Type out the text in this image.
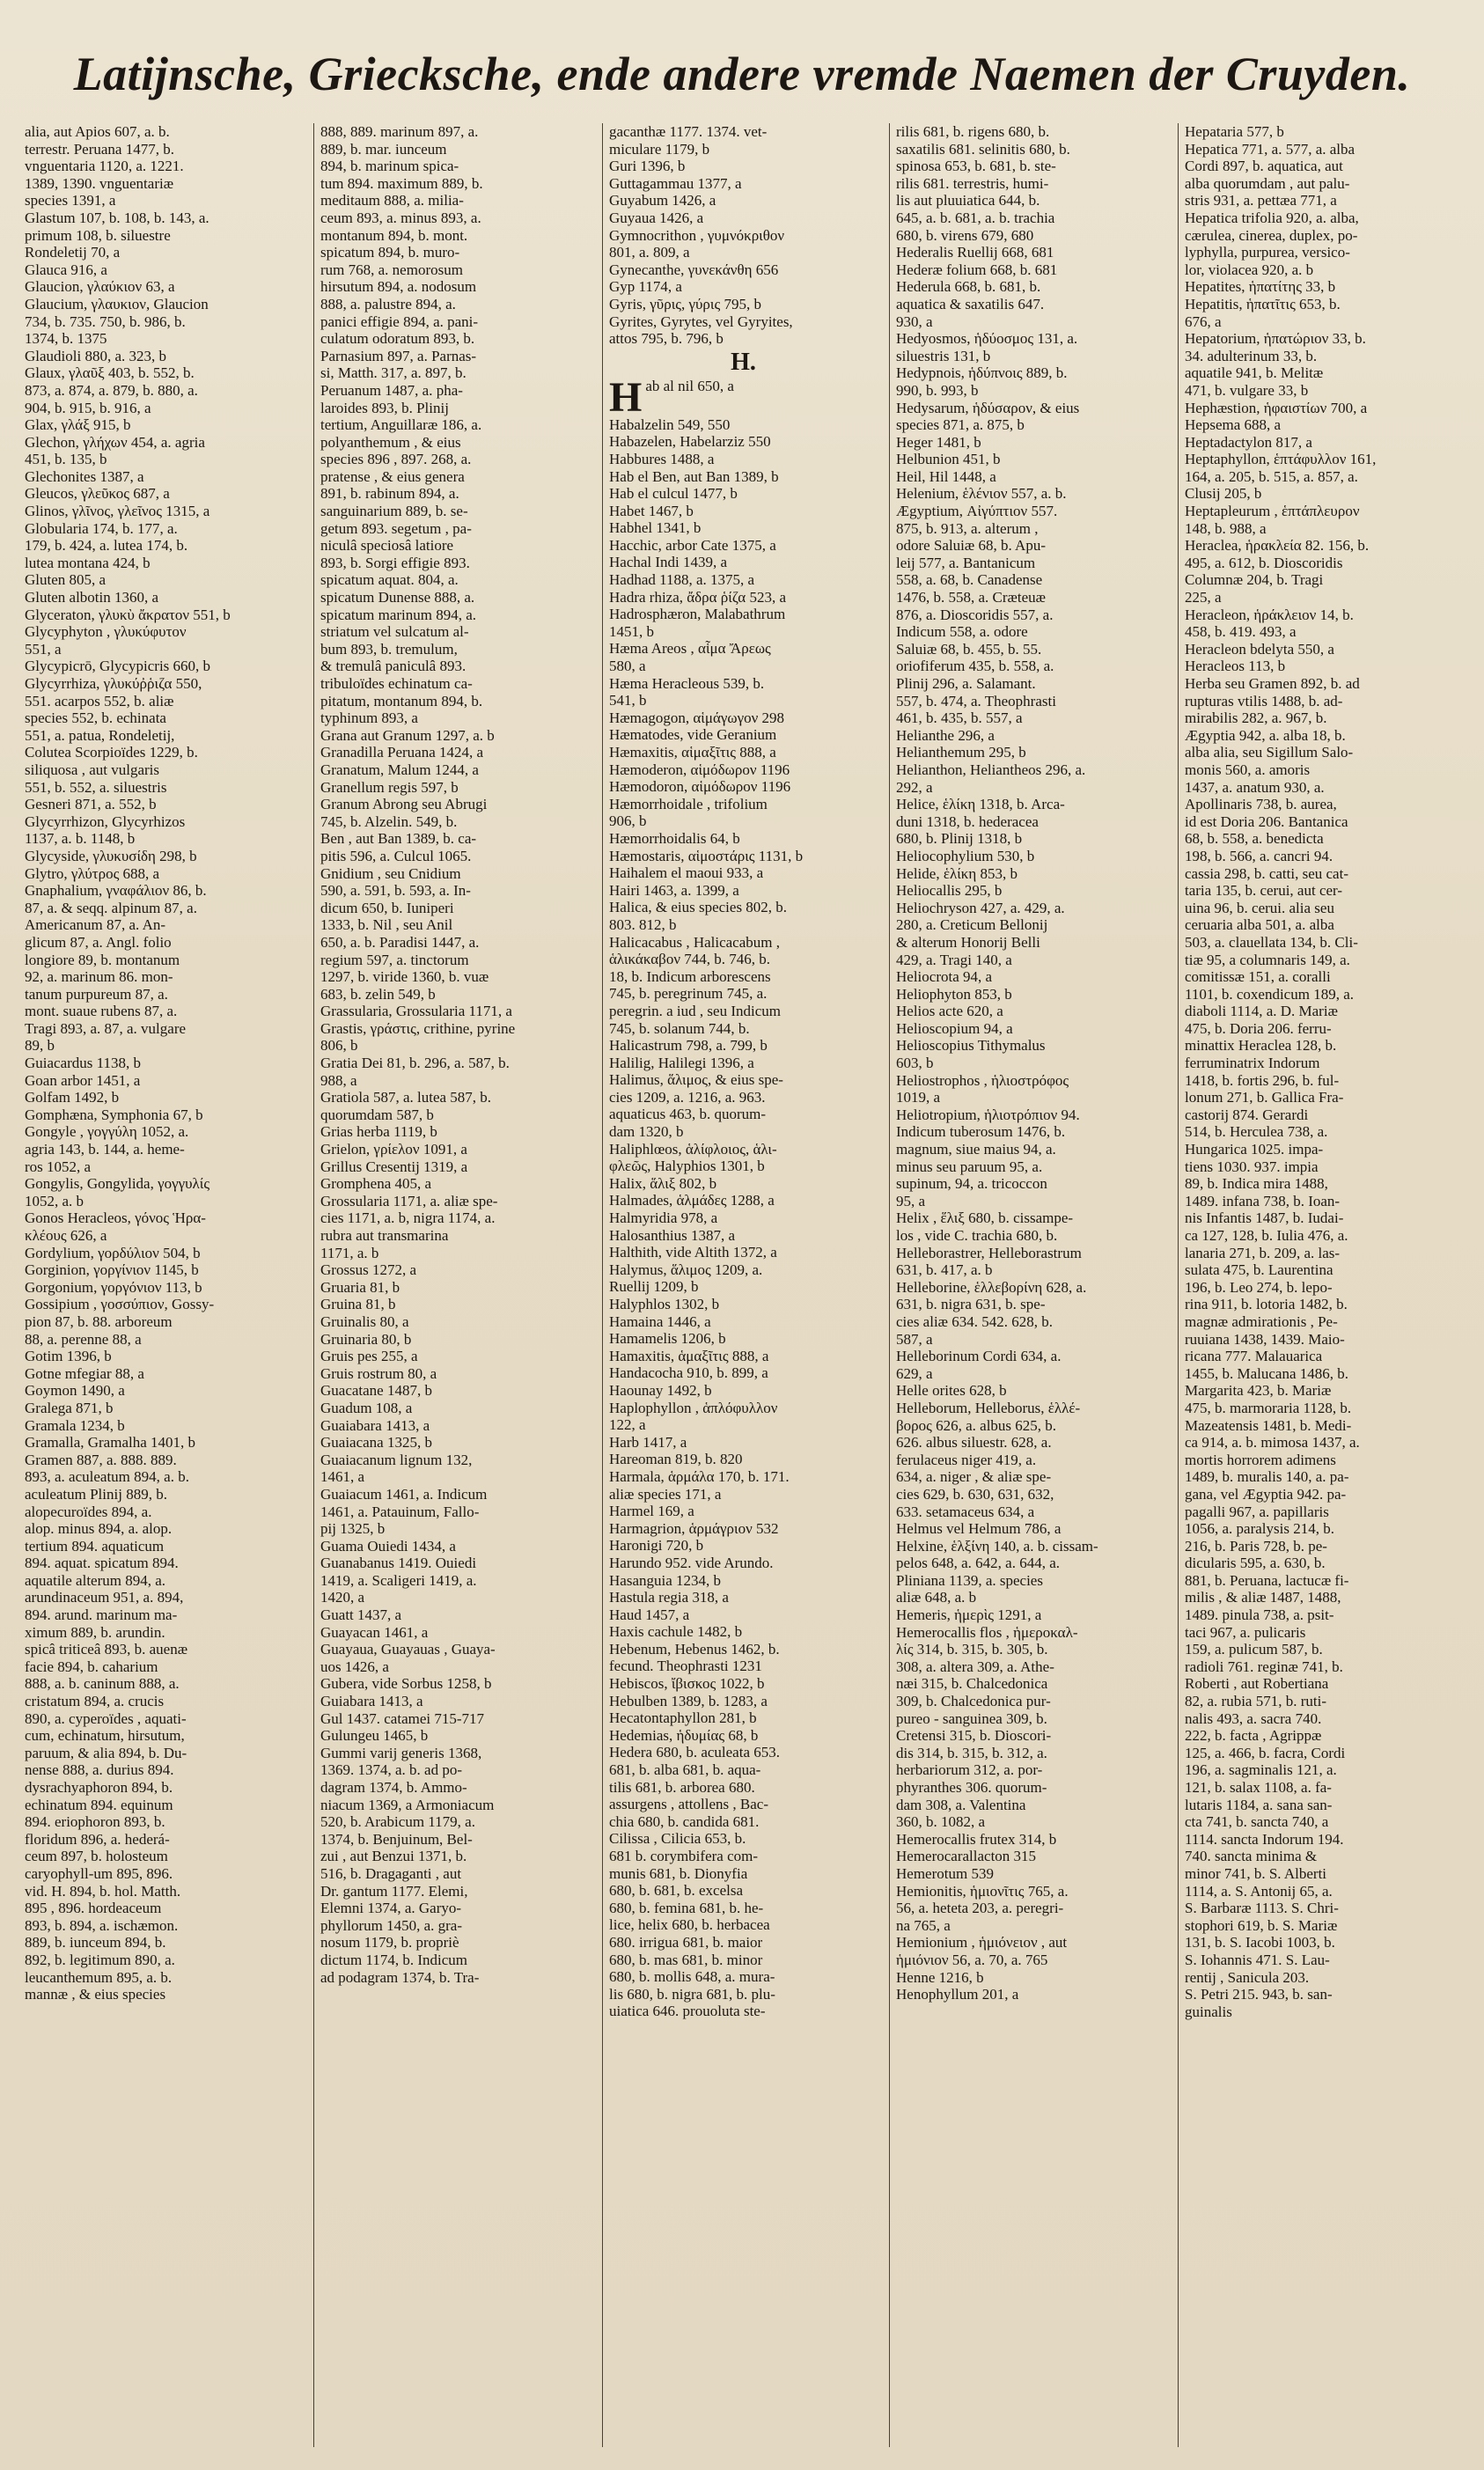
Latijnsche, Griecksche, ende andere vremde Naemen der Cruyden.
alia, aut Apios 607, a. b.
terrestr. Peruana 1477, b.
vnguentaria 1120, a. 1221.
1389, 1390. vnguentariæ
species 1391, a
Glastum 107, b. 108, b. 143, a.
primum 108, b. siluestre
Rondeletij 70, a
Glauca 916, a
Glaucion, γλαύκιον 63, a
Glaucium, γλαυκιον, Glaucion
734, b. 735. 750, b. 986, b.
1374, b. 1375
Glaudioli 880, a. 323, b
Glaux, γλαῦξ 403, b. 552, b.
873, a. 874, a. 879, b. 880, a.
904, b. 915, b. 916, a
Glax, γλάξ 915, b
Glechon, γλήχων 454, a. agria
451, b. 135, b
Glechonites 1387, a
Gleucos, γλεῦκος 687, a
Glinos, γλῖνος, γλεῖνος 1315, a
Globularia 174, b. 177, a.
179, b. 424, a. lutea 174, b.
lutea montana 424, b
Gluten 805, a
Gluten albotin 1360, a
Glyceraton, γλυκὺ ἄκρατον 551, b
Glycyphyton , γλυκύφυτον
551, a
Glycypicrō, Glycypicris 660, b
Glycyrrhiza, γλυκύῤῥιζα 550,
551. acarpos 552, b. aliæ
species 552, b. echinata
551, a. patua, Rondeletij,
Colutea Scorpioïdes 1229, b.
siliquosa , aut vulgaris
551, b. 552, a. siluestris
Gesneri 871, a. 552, b
Glycyrrhizon, Glycyrhizos
1137, a. b. 1148, b
Glycyside, γλυκυσίδη 298, b
Glytro, γλύτρος 688, a
Gnaphalium, γναφάλιον 86, b.
87, a. & seqq. alpinum 87, a.
Americanum 87, a. An-
glicum 87, a. Angl. folio
longiore 89, b. montanum
92, a. marinum 86. mon-
tanum purpureum 87, a.
mont. suaue rubens 87, a.
Tragi 893, a. 87, a. vulgare
89, b
Guiacardus 1138, b
Goan arbor 1451, a
Golfam 1492, b
Gomphæna, Symphonia 67, b
Gongyle , γογγύλη 1052, a.
agria 143, b. 144, a. heme-
ros 1052, a
Gongylis, Gongylida, γογγυλίς
1052, a. b
Gonos Heracleos, γόνος Ἡρα-
κλέους 626, a
Gordylium, γορδύλιον 504, b
Gorginion, γοργίνιον 1145, b
Gorgonium, γοργόνιον 113, b
Gossipium , γοσσύπιον, Gossy-
pion 87, b. 88. arboreum
88, a. perenne 88, a
Gotim 1396, b
Gotne mfegiar 88, a
Goymon 1490, a
Gralega 871, b
Gramala 1234, b
Gramalla, Gramalha 1401, b
Gramen 887, a. 888. 889.
893, a. aculeatum 894, a. b.
aculeatum Plinij 889, b.
alopecuroïdes 894, a.
alop. minus 894, a. alop.
tertium 894. aquaticum
894. aquat. spicatum 894.
aquatile alterum 894, a.
arundinaceum 951, a. 894,
894. arund. marinum ma-
ximum 889, b. arundin.
spicâ triticeâ 893, b. auenæ
facie 894, b. caharium
888, a. b. caninum 888, a.
cristatum 894, a. crucis
890, a. cyperoïdes , aquati-
cum, echinatum, hirsutum,
paruum, & alia 894, b. Du-
nense 888, a. durius 894.
dysrachyaphoron 894, b.
echinatum 894. equinum
894. eriophoron 893, b.
floridum 896, a. hederá-
ceum 897, b. holosteum
caryophyll-um 895, 896.
vid. H. 894, b. hol. Matth.
895 , 896. hordeaceum
893, b. 894, a. ischæmon.
889, b. iunceum 894, b.
892, b. legitimum 890, a.
leucanthemum 895, a. b.
mannæ , & eius species
888, 889. marinum 897, a.
889, b. mar. iunceum
894, b. marinum spica-
tum 894. maximum 889, b.
meditaum 888, a. milia-
ceum 893, a. minus 893, a.
montanum 894, b. mont.
spicatum 894, b. muro-
rum 768, a. nemorosum
hirsutum 894, a. nodosum
888, a. palustre 894, a.
panici effigie 894, a. pani-
culatum odoratum 893, b.
Parnasium 897, a. Parnas-
si, Matth. 317, a. 897, b.
Peruanum 1487, a. pha-
laroides 893, b. Plinij
tertium, Anguillaræ 186, a.
polyanthemum , & eius
species 896 , 897. 268, a.
pratense , & eius genera
891, b. rabinum 894, a.
sanguinarium 889, b. se-
getum 893. segetum , pa-
niculâ speciosâ latiore
893, b. Sorgi effigie 893.
spicatum aquat. 804, a.
spicatum Dunense 888, a.
spicatum marinum 894, a.
striatum vel sulcatum al-
bum 893, b. tremulum,
& tremulâ paniculâ 893.
tribuloïdes echinatum ca-
pitatum, montanum 894, b.
typhinum 893, a
Grana aut Granum 1297, a. b
Granadilla Peruana 1424, a
Granatum, Malum 1244, a
Granellum regis 597, b
Granum Abrong seu Abrugi
745, b. Alzelin. 549, b.
Ben , aut Ban 1389, b. ca-
pitis 596, a. Culcul 1065.
Gnidium , seu Cnidium
590, a. 591, b. 593, a. In-
dicum 650, b. Iuniperi
1333, b. Nil , seu Anil
650, a. b. Paradisi 1447, a.
regium 597, a. tinctorum
1297, b. viride 1360, b. vuæ
683, b. zelin 549, b
Grassularia, Grossularia 1171, a
Grastis, γράστις, crithine, pyrine
806, b
Gratia Dei 81, b. 296, a. 587, b.
988, a
Gratiola 587, a. lutea 587, b.
quorumdam 587, b
Grias herba 1119, b
Grielon, γρίελον 1091, a
Grillus Cresentij 1319, a
Gromphena 405, a
Grossularia 1171, a. aliæ spe-
cies 1171, a. b, nigra 1174, a.
rubra aut transmarina
1171, a. b
Grossus 1272, a
Gruaria 81, b
Gruina 81, b
Gruinalis 80, a
Gruinaria 80, b
Gruis pes 255, a
Gruis rostrum 80, a
Guacatane 1487, b
Guadum 108, a
Guaiabara 1413, a
Guaiacana 1325, b
Guaiacanum lignum 132,
1461, a
Guaiacum 1461, a. Indicum
1461, a. Patauinum, Fallo-
pij 1325, b
Guama Ouiedi 1434, a
Guanabanus 1419. Ouiedi
1419, a. Scaligeri 1419, a.
1420, a
Guatt 1437, a
Guayacan 1461, a
Guayaua, Guayauas , Guaya-
uos 1426, a
Gubera, vide Sorbus 1258, b
Guiabara 1413, a
Gul 1437. catamei 715-717
Gulungeu 1465, b
Gummi varij generis 1368,
1369. 1374, a. b. ad po-
dagram 1374, b. Ammo-
niacum 1369, a Armoniacum
520, b. Arabicum 1179, a.
1374, b. Benjuinum, Bel-
zui , aut Benzui 1371, b.
516, b. Dragaganti , aut
Dr. gantum 1177. Elemi,
Elemni 1374, a. Garyo-
phyllorum 1450, a. gra-
nosum 1179, b. propriè
dictum 1174, b. Indicum
ad podagram 1374, b. Tra-
gacanthæ 1177. 1374. vet-
miculare 1179, b
Guri 1396, b
Guttagammau 1377, a
Guyabum 1426, a
Guyaua 1426, a
Gymnocrithon , γυμνόκριθον
801, a. 809, a
Gynecanthe, γυνεκάνθη 656
Gyp 1174, a
Gyris, γῦρις, γύρις 795, b
Gyrites, Gyrytes, vel Gyryites,
attos 795, b. 796, b
H.
Hab al nil 650, a
Habalzelin 549, 550
Habazelen, Habelarziz 550
Habbures 1488, a
Hab el Ben, aut Ban 1389, b
Hab el culcul 1477, b
Habet 1467, b
Habhel 1341, b
Hacchic, arbor Cate 1375, a
Hachal Indi 1439, a
Hadhad 1188, a. 1375, a
Hadra rhiza, ἄδρα ῥίζα 523, a
Hadrosphæron, Malabathrum
1451, b
Hæma Areos , αἷμα Ἄρεως
580, a
Hæma Heracleous 539, b.
541, b
Hæmagogon, αἱμάγωγον 298
Hæmatodes, vide Geranium
Hæmaxitis, αἱμαξῖτις 888, a
Hæmoderon, αἱμόδωρον 1196
Hæmodoron, αἱμόδωρον 1196
Hæmorrhoidale , trifolium
906, b
Hæmorrhoidalis 64, b
Hæmostaris, αἱμοστάρις 1131, b
Haihalem el maoui 933, a
Hairi 1463, a. 1399, a
Halica, & eius species 802, b.
803. 812, b
Halicacabus , Halicacabum ,
ἁλικάκαβον 744, b. 746, b.
18, b. Indicum arborescens
745, b. peregrinum 745, a.
peregrin. a iud , seu Indicum
745, b. solanum 744, b.
Halicastrum 798, a. 799, b
Halilig, Halilegi 1396, a
Halimus, ἅλιμος, & eius spe-
cies 1209, a. 1216, a. 963.
aquaticus 463, b. quorum-
dam 1320, b
Haliphlœos, ἁλίφλοιος, ἁλι-
φλεῶς, Halyphios 1301, b
Halix, ἅλιξ 802, b
Halmades, ἁλμάδες 1288, a
Halmyridia 978, a
Halosanthius 1387, a
Halthith, vide Altith 1372, a
Halymus, ἅλιμος 1209, a.
Ruellij 1209, b
Halyphlos 1302, b
Hamaina 1446, a
Hamamelis 1206, b
Hamaxitis, ἁμαξῖτις 888, a
Handacocha 910, b. 899, a
Haounay 1492, b
Haplophyllon , ἁπλόφυλλον
122, a
Harb 1417, a
Hareoman 819, b. 820
Harmala, ἁρμάλα 170, b. 171.
aliæ species 171, a
Harmel 169, a
Harmagrion, ἁρμάγριον 532
Haronigi 720, b
Harundo 952. vide Arundo.
Hasanguia 1234, b
Hastula regia 318, a
Haud 1457, a
Haxis cachule 1482, b
Hebenum, Hebenus 1462, b.
fecund. Theophrasti 1231
Hebiscos, ἴβισκος 1022, b
Hebulben 1389, b. 1283, a
Hecatontaphyllon 281, b
Hedemias, ἡδυμίας 68, b
Hedera 680, b. aculeata 653.
681, b. alba 681, b. aqua-
tilis 681, b. arborea 680.
assurgens , attollens , Bac-
chia 680, b. candida 681.
Cilissa , Cilicia 653, b.
681 b. corymbifera com-
munis 681, b. Dionyfia
680, b. 681, b. excelsa
680, b. femina 681, b. he-
lice, helix 680, b. herbacea
680. irrigua 681, b. maior
680, b. mas 681, b. minor
680, b. mollis 648, a. mura-
lis 680, b. nigra 681, b. plu-
uiatica 646. prouoluta ste-
rilis 681, b. rigens 680, b.
saxatilis 681. selinitis 680, b.
spinosa 653, b. 681, b. ste-
rilis 681. terrestris, humi-
lis aut pluuiatica 644, b.
645, a. b. 681, a. b. trachia
680, b. virens 679, 680
Hederalis Ruellij 668, 681
Hederæ folium 668, b. 681
Hederula 668, b. 681, b.
aquatica & saxatilis 647.
930, a
Hedyosmos, ἡδύοσμος 131, a.
siluestris 131, b
Hedypnois, ἡδύπνοις 889, b.
990, b. 993, b
Hedysarum, ἡδύσαρον, & eius
species 871, a. 875, b
Heger 1481, b
Helbunion 451, b
Heil, Hil 1448, a
Helenium, ἑλένιον 557, a. b.
Ægyptium, Αἰγύπτιον 557.
875, b. 913, a. alterum ,
odore Saluiæ 68, b. Apu-
leij 577, a. Bantanicum
558, a. 68, b. Canadense
1476, b. 558, a. Cræteuæ
876, a. Dioscoridis 557, a.
Indicum 558, a. odore
Saluiæ 68, b. 455, b. 55.
oriofiferum 435, b. 558, a.
Plinij 296, a. Salamant.
557, b. 474, a. Theophrasti
461, b. 435, b. 557, a
Helianthe 296, a
Helianthemum 295, b
Helianthon, Heliantheos 296, a.
292, a
Helice, ἑλίκη 1318, b. Arca-
duni 1318, b. hederacea
680, b. Plinij 1318, b
Heliocophylium 530, b
Helide, ἑλίκη 853, b
Heliocallis 295, b
Heliochryson 427, a. 429, a.
280, a. Creticum Bellonij
& alterum Honorij Belli
429, a. Tragi 140, a
Heliocrota 94, a
Heliophyton 853, b
Helios acte 620, a
Helioscopium 94, a
Helioscopius Tithymalus
603, b
Heliostrophos , ἡλιοστρόφος
1019, a
Heliotropium, ἡλιοτρόπιον 94.
Indicum tuberosum 1476, b.
magnum, siue maius 94, a.
minus seu paruum 95, a.
supinum, 94, a. tricoccon
95, a
Helix , ἕλιξ 680, b. cissampe-
los , vide C. trachia 680, b.
Helleborastrer, Helleborastrum
631, b. 417, a. b
Helleborine, ἑλλεβορίνη 628, a.
631, b. nigra 631, b. spe-
cies aliæ 634. 542. 628, b.
587, a
Helleborinum Cordi 634, a.
629, a
Helle orites 628, b
Helleborum, Helleborus, ἑλλέ-
βορος 626, a. albus 625, b.
626. albus siluestr. 628, a.
ferulaceus niger 419, a.
634, a. niger , & aliæ spe-
cies 629, b. 630, 631, 632,
633. setamaceus 634, a
Helmus vel Helmum 786, a
Helxine, ἑλξίνη 140, a. b. cissam-
pelos 648, a. 642, a. 644, a.
Pliniana 1139, a. species
aliæ 648, a. b
Hemeris, ἡμερὶς 1291, a
Hemerocallis flos , ἡμεροκαλ-
λίς 314, b. 315, b. 305, b.
308, a. altera 309, a. Athe-
næi 315, b. Chalcedonica
309, b. Chalcedonica pur-
pureo - sanguinea 309, b.
Cretensi 315, b. Dioscori-
dis 314, b. 315, b. 312, a.
herbariorum 312, a. por-
phyranthes 306. quorum-
dam 308, a. Valentina
360, b. 1082, a
Hemerocallis frutex 314, b
Hemerocarallacton 315
Hemerotum 539
Hemionitis, ἡμιονῖτις 765, a.
56, a. heteta 203, a. peregri-
na 765, a
Hemionium , ἡμιόνειον , aut
ἡμιόνιον 56, a. 70, a. 765
Henne 1216, b
Henophyllum 201, a
Hepataria 577, b
Hepatica 771, a. 577, a. alba
Cordi 897, b. aquatica, aut
alba quorumdam , aut palu-
stris 931, a. pettæa 771, a
Hepatica trifolia 920, a. alba,
cærulea, cinerea, duplex, po-
lyphylla, purpurea, versico-
lor, violacea 920, a. b
Hepatites, ἡπατίτης 33, b
Hepatitis, ἡπατῖτις 653, b.
676, a
Hepatorium, ἡπατώριον 33, b.
34. adulterinum 33, b.
aquatile 941, b. Melitæ
471, b. vulgare 33, b
Hephæstion, ἡφαιστίων 700, a
Hepsema 688, a
Heptadactylon 817, a
Heptaphyllon, ἑπτάφυλλον 161,
164, a. 205, b. 515, a. 857, a.
Clusij 205, b
Heptapleurum , ἑπτάπλευρον
148, b. 988, a
Heraclea, ἡρακλεία 82. 156, b.
495, a. 612, b. Dioscoridis
Columnæ 204, b. Tragi
225, a
Heracleon, ἡράκλειον 14, b.
458, b. 419. 493, a
Heracleon bdelyta 550, a
Heracleos 113, b
Herba seu Gramen 892, b. ad
rupturas vtilis 1488, b. ad-
mirabilis 282, a. 967, b.
Ægyptia 942, a. alba 18, b.
alba alia, seu Sigillum Salo-
monis 560, a. amoris
1437, a. anatum 930, a.
Apollinaris 738, b. aurea,
id est Doria 206. Bantanica
68, b. 558, a. benedicta
198, b. 566, a. cancri 94.
cassia 298, b. catti, seu cat-
taria 135, b. cerui, aut cer-
uina 96, b. cerui. alia seu
ceruaria alba 501, a. alba
503, a. clauellata 134, b. Cli-
tiæ 95, a columnaris 149, a.
comitissæ 151, a. coralli
1101, b. coxendicum 189, a.
diaboli 1114, a. D. Mariæ
475, b. Doria 206. ferru-
minattix Heraclea 128, b.
ferruminatrix Indorum
1418, b. fortis 296, b. ful-
lonum 271, b. Gallica Fra-
castorij 874. Gerardi
514, b. Herculea 738, a.
Hungarica 1025. impa-
tiens 1030. 937. impia
89, b. Indica mira 1488,
1489. infana 738, b. Ioan-
nis Infantis 1487, b. Iudai-
ca 127, 128, b. Iulia 476, a.
lanaria 271, b. 209, a. las-
sulata 475, b. Laurentina
196, b. Leo 274, b. lepo-
rina 911, b. lotoria 1482, b.
magnæ admirationis , Pe-
ruuiana 1438, 1439. Maio-
ricana 777. Malauarica
1455, b. Malucana 1486, b.
Margarita 423, b. Mariæ
475, b. marmoraria 1128, b.
Mazeatensis 1481, b. Medi-
ca 914, a. b. mimosa 1437, a.
mortis horrorem adimens
1489, b. muralis 140, a. pa-
gana, vel Ægyptia 942. pa-
pagalli 967, a. papillaris
1056, a. paralysis 214, b.
216, b. Paris 728, b. pe-
dicularis 595, a. 630, b.
881, b. Peruana, lactucæ fi-
milis , & aliæ 1487, 1488,
1489. pinula 738, a. psit-
taci 967, a. pulicaris
159, a. pulicum 587, b.
radioli 761. reginæ 741, b.
Roberti , aut Robertiana
82, a. rubia 571, b. ruti-
nalis 493, a. sacra 740.
222, b. facta , Agrippæ
125, a. 466, b. facra, Cordi
196, a. sagminalis 121, a.
121, b. salax 1108, a. fa-
lutaris 1184, a. sana san-
cta 741, b. sancta 740, a
1114. sancta Indorum 194.
740. sancta minima &
minor 741, b. S. Alberti
1114, a. S. Antonij 65, a.
S. Barbaræ 1113. S. Chri-
stophori 619, b. S. Mariæ
131, b. S. Iacobi 1003, b.
S. Iohannis 471. S. Lau-
rentij , Sanicula 203.
S. Petri 215. 943, b. san-
guinalis
